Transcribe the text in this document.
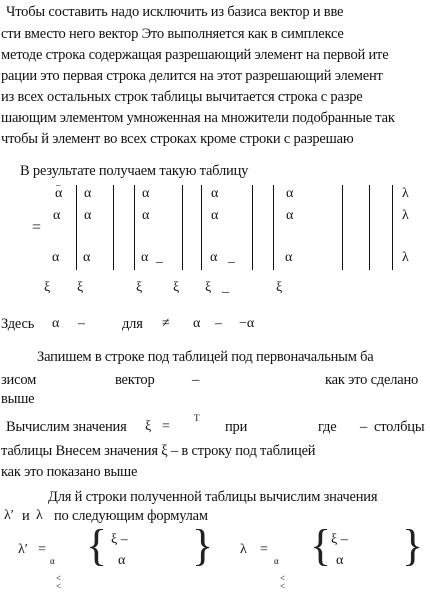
Чтобы составить надо исключить из базиса вектор и вве
сти вместо него вектор Это выполняется как в симплексе
методе строка содержащая разрешающий элемент на первой ите
рации это первая строка делится на этот разрешающий элемент
из всех остальных строк таблицы вычитается строка с разре
шающим элементом умноженная на множители подобранные так
чтобы й элемент во всех строках кроме строки с разрешаю
В результате получаем такую таблицу
=
_
α α	α	α	α	λ
α α	α	α	α	λ
α α	α _	α _	α	λ
ξ ξ	ξ ξ ξ _	ξ
Здесь α –	для ≠ α – −α
Запишем в строке под таблицей под первоначальным ба
зисом	вектор	–	как это сделано
выше
Вычислим значения ξ =
T
при	где – столбцы
таблицы Внесем значения ξ – в строку под таблицей
как это показано выше
Для й строки полученной таблицы вычислим значения
λ′ и λ по следующим формулам
λ′ =
α
<
<
{ ξ –
α } λ =
α
<
<
{ ξ –
α }
